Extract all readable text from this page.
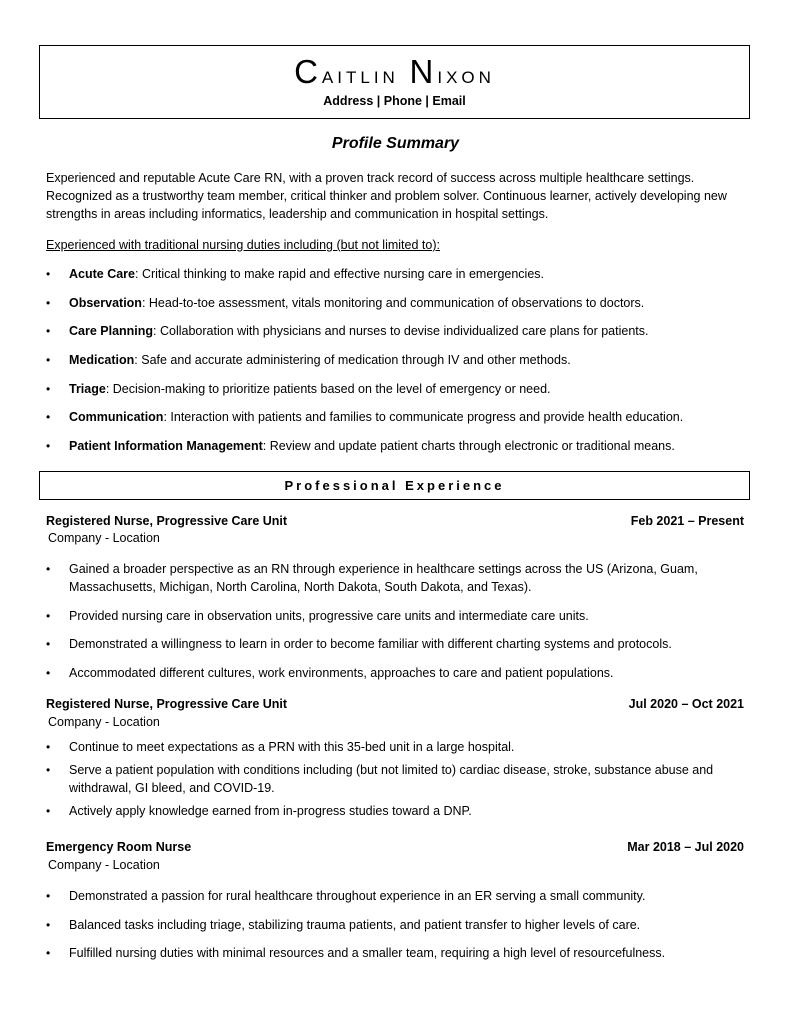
Caitlin Nixon
Address | Phone | Email
Profile Summary
Experienced and reputable Acute Care RN, with a proven track record of success across multiple healthcare settings. Recognized as a trustworthy team member, critical thinker and problem solver. Continuous learner, actively developing new strengths in areas including informatics, leadership and communication in hospital settings.
Experienced with traditional nursing duties including (but not limited to):
• Acute Care: Critical thinking to make rapid and effective nursing care in emergencies.
• Observation: Head-to-toe assessment, vitals monitoring and communication of observations to doctors.
• Care Planning: Collaboration with physicians and nurses to devise individualized care plans for patients.
• Medication: Safe and accurate administering of medication through IV and other methods.
• Triage: Decision-making to prioritize patients based on the level of emergency or need.
• Communication: Interaction with patients and families to communicate progress and provide health education.
• Patient Information Management: Review and update patient charts through electronic or traditional means.
Professional Experience
Registered Nurse, Progressive Care Unit	Feb 2021 – Present
Company - Location
• Gained a broader perspective as an RN through experience in healthcare settings across the US (Arizona, Guam, Massachusetts, Michigan, North Carolina, North Dakota, South Dakota, and Texas).
• Provided nursing care in observation units, progressive care units and intermediate care units.
• Demonstrated a willingness to learn in order to become familiar with different charting systems and protocols.
• Accommodated different cultures, work environments, approaches to care and patient populations.
Registered Nurse, Progressive Care Unit	Jul 2020 – Oct 2021
Company - Location
• Continue to meet expectations as a PRN with this 35-bed unit in a large hospital.
• Serve a patient population with conditions including (but not limited to) cardiac disease, stroke, substance abuse and withdrawal, GI bleed, and COVID-19.
• Actively apply knowledge earned from in-progress studies toward a DNP.
Emergency Room Nurse	Mar 2018 – Jul 2020
Company - Location
• Demonstrated a passion for rural healthcare throughout experience in an ER serving a small community.
• Balanced tasks including triage, stabilizing trauma patients, and patient transfer to higher levels of care.
• Fulfilled nursing duties with minimal resources and a smaller team, requiring a high level of resourcefulness.
